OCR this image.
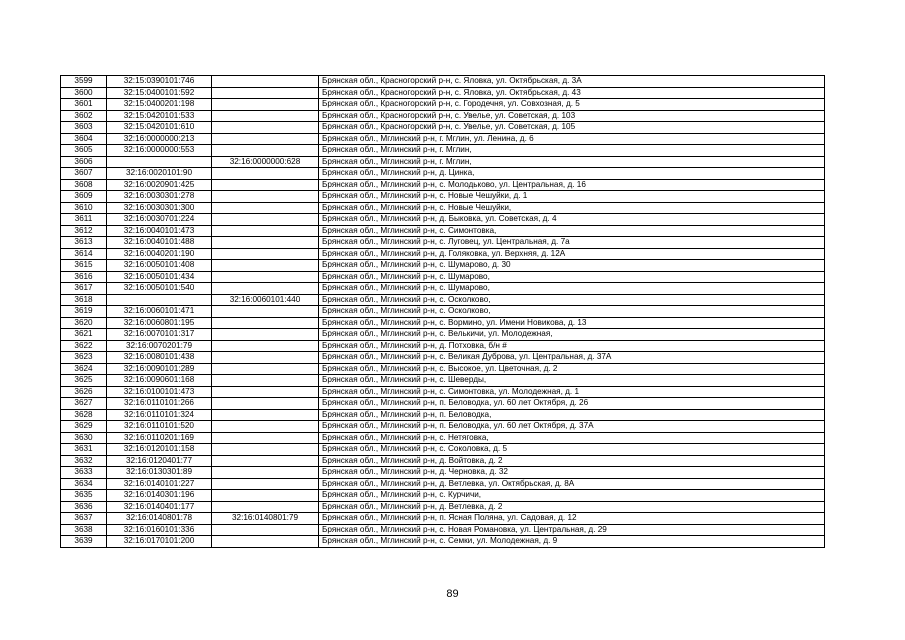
3599	32:15:0390101:746		Брянская обл., Красногорский р-н, с. Яловка, ул. Октябрьская, д. 3А
3600	32:15:0400101:592		Брянская обл., Красногорский р-н, с. Яловка, ул. Октябрьская, д. 43
3601	32:15:0400201:198		Брянская обл., Красногорский р-н, с. Городечня, ул. Совхозная, д. 5
3602	32:15:0420101:533		Брянская обл., Красногорский р-н, с. Увелье, ул. Советская, д. 103
3603	32:15:0420101:610		Брянская обл., Красногорский р-н, с. Увелье, ул. Советская, д. 105
3604	32:16:0000000:213		Брянская обл., Мглинский р-н, г. Мглин, ул. Ленина, д. 6
3605	32:16:0000000:553		Брянская обл., Мглинский р-н, г. Мглин,
3606		32:16:0000000:628	Брянская обл., Мглинский р-н, г. Мглин,
3607	32:16:0020101:90		Брянская обл., Мглинский р-н, д. Цинка,
3608	32:16:0020901:425		Брянская обл., Мглинский р-н, с. Молодьково, ул. Центральная, д. 16
3609	32:16:0030301:278		Брянская обл., Мглинский р-н, с. Новые Чешуйки, д. 1
3610	32:16:0030301:300		Брянская обл., Мглинский р-н, с. Новые Чешуйки,
3611	32:16:0030701:224		Брянская обл., Мглинский р-н, д. Быковка, ул. Советская, д. 4
3612	32:16:0040101:473		Брянская обл., Мглинский р-н, с. Симонтовка,
3613	32:16:0040101:488		Брянская обл., Мглинский р-н, с. Луговец, ул. Центральная, д. 7а
3614	32:16:0040201:190		Брянская обл., Мглинский р-н, д. Голяковка, ул. Верхняя, д. 12А
3615	32:16:0050101:408		Брянская обл., Мглинский р-н, с. Шумарово, д. 30
3616	32:16:0050101:434		Брянская обл., Мглинский р-н, с. Шумарово,
3617	32:16:0050101:540		Брянская обл., Мглинский р-н, с. Шумарово,
3618		32:16:0060101:440	Брянская обл., Мглинский р-н, с. Осколково,
3619	32:16:0060101:471		Брянская обл., Мглинский р-н, с. Осколково,
3620	32:16:0060801:195		Брянская обл., Мглинский р-н, с. Вормино, ул. Имени Новикова, д. 13
3621	32:16:0070101:317		Брянская обл., Мглинский р-н, с. Велькичи, ул. Молодежная,
3622	32:16:0070201:79		Брянская обл., Мглинский р-н, д. Потховка, б/н #
3623	32:16:0080101:438		Брянская обл., Мглинский р-н, с. Великая Дуброва, ул. Центральная, д. 37А
3624	32:16:0090101:289		Брянская обл., Мглинский р-н, с. Высокое, ул. Цветочная, д. 2
3625	32:16:0090601:168		Брянская обл., Мглинский р-н, с. Шеверды,
3626	32:16:0100101:473		Брянская обл., Мглинский р-н, с. Симонтовка, ул. Молодежная, д. 1
3627	32:16:0110101:266		Брянская обл., Мглинский р-н, п. Беловодка, ул. 60 лет Октября, д. 26
3628	32:16:0110101:324		Брянская обл., Мглинский р-н, п. Беловодка,
3629	32:16:0110101:520		Брянская обл., Мглинский р-н, п. Беловодка, ул. 60 лет Октября, д. 37А
3630	32:16:0110201:169		Брянская обл., Мглинский р-н, с. Нетяговка,
3631	32:16:0120101:158		Брянская обл., Мглинский р-н, с. Соколовка, д. 5
3632	32:16:0120401:77		Брянская обл., Мглинский р-н, д. Войтовка, д. 2
3633	32:16:0130301:89		Брянская обл., Мглинский р-н, д. Черновка, д. 32
3634	32:16:0140101:227		Брянская обл., Мглинский р-н, д. Ветлевка, ул. Октябрьская, д. 8А
3635	32:16:0140301:196		Брянская обл., Мглинский р-н, с. Курчичи,
3636	32:16:0140401:177		Брянская обл., Мглинский р-н, д. Ветлевка, д. 2
3637	32:16:0140801:78	32:16:0140801:79	Брянская обл., Мглинский р-н, п. Ясная Поляна, ул. Садовая, д. 12
3638	32:16:0160101:336		Брянская обл., Мглинский р-н, с. Новая Романовка, ул. Центральная, д. 29
3639	32:16:0170101:200		Брянская обл., Мглинский р-н, с. Семки, ул. Молодежная, д. 9
89
